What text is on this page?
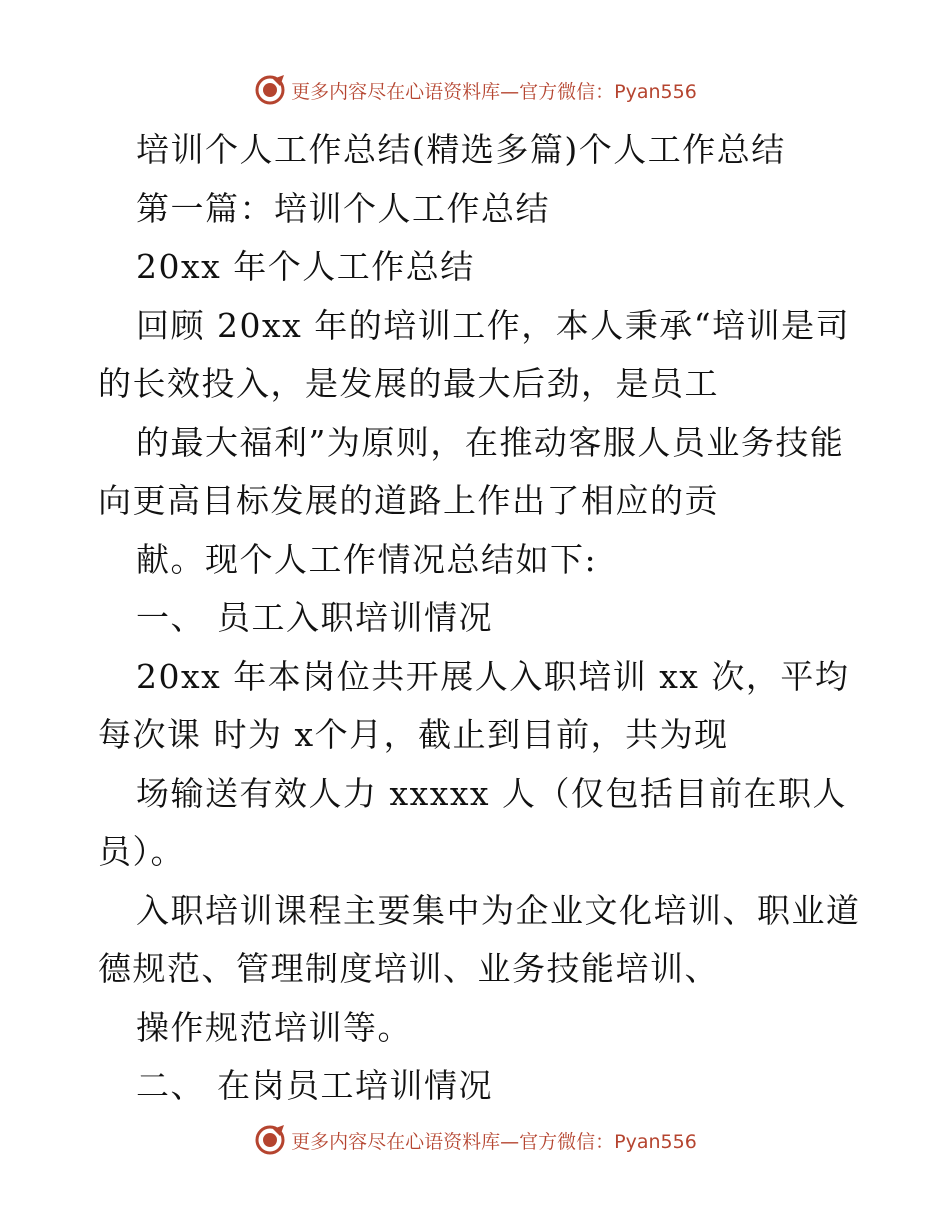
更多内容尽在心语资料库—官方微信：Pyan556
培训个人工作总结(精选多篇)个人工作总结
第一篇：培训个人工作总结
20xx 年个人工作总结
回顾 20xx 年的培训工作，本人秉承“培训是司
的长效投入，是发展的最大后劲，是员工
的最大福利”为原则，在推动客服人员业务技能
向更高目标发展的道路上作出了相应的贡
献。现个人工作情况总结如下:
一、 员工入职培训情况
20xx 年本岗位共开展人入职培训 xx 次，平均
每次课 时为 x个月，截止到目前，共为现
场输送有效人力 xxxxx 人（仅包括目前在职人
员）。
入职培训课程主要集中为企业文化培训、职业道
德规范、管理制度培训、业务技能培训、
操作规范培训等。
二、 在岗员工培训情况
更多内容尽在心语资料库—官方微信：Pyan556
